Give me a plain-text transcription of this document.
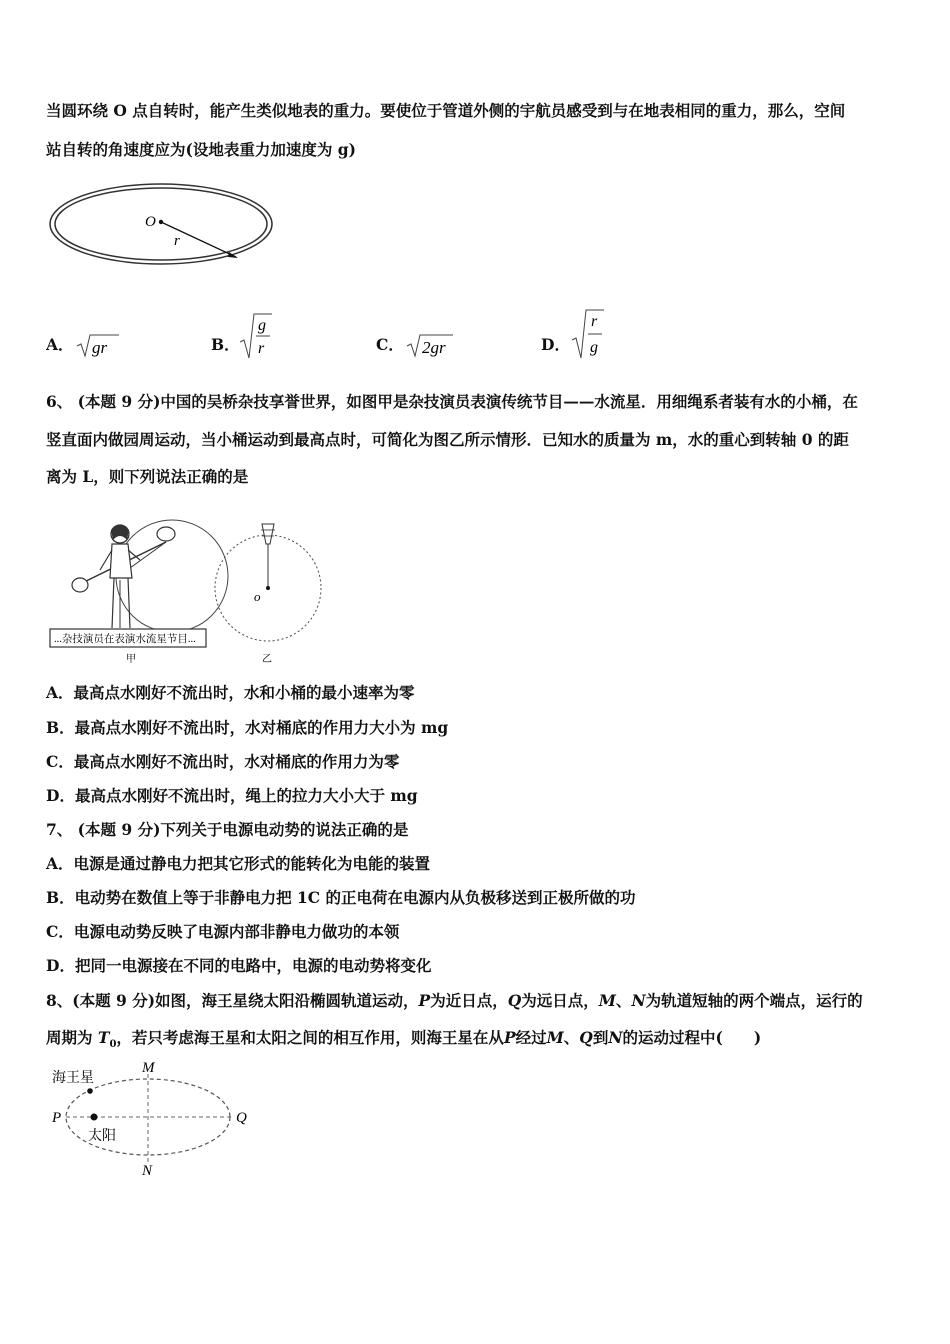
当圆环绕 O 点自转时，能产生类似地表的重力。要使位于管道外侧的宇航员感受到与在地表相同的重力，那么，空间
站自转的角速度应为(设地表重力加速度为 g)
O
r
A． gr	B．
g
r	C． 2gr	D．
r
g
6、 (本题 9 分)中国的吴桥杂技享誉世界，如图甲是杂技演员表演传统节目——水流星．用细绳系者装有水的小桶，在
竖直面内做园周运动，当小桶运动到最高点时，可简化为图乙所示情形．已知水的质量为 m，水的重心到转轴 0 的距
离为 L，则下列说法正确的是
...杂技演员在表演水流星节目...
甲
o
乙
A．最高点水刚好不流出时，水和小桶的最小速率为零
B．最高点水刚好不流出时，水对桶底的作用力大小为 mg
C．最高点水刚好不流出时，水对桶底的作用力为零
D．最高点水刚好不流出时，绳上的拉力大小大于 mg
7、 (本题 9 分)下列关于电源电动势的说法正确的是
A．电源是通过静电力把其它形式的能转化为电能的装置
B．电动势在数值上等于非静电力把 1C 的正电荷在电源内从负极移送到正极所做的功
C．电源电动势反映了电源内部非静电力做功的本领
D．把同一电源接在不同的电路中，电源的电动势将变化
8、(本题 9 分)如图，海王星绕太阳沿椭圆轨道运动，P为近日点，Q为远日点，M、N为轨道短轴的两个端点，运行的
周期为 $T_0$，若只考虑海王星和太阳之间的相互作用，则海王星在从P经过M、Q到N的运动过程中(　　)
海王星
太阳
M
N
P	Q
